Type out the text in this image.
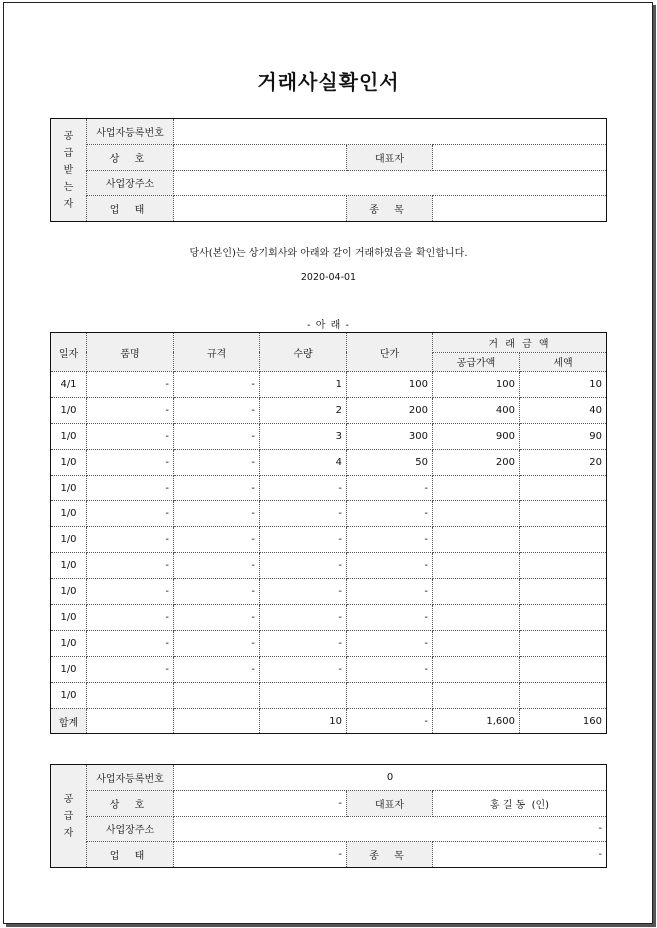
거래사실확인서
공
급
받
는
자	사업자등록번호			
	상 호		대표자	
	사업장주소			
	업 태		종 목	
당사(본인)는 상기회사와 아래와 같이 거래하였음을 확인합니다.
2020-04-01
- 아 래 -
일자	품명	규격	수량	단가	거 래 금 액	
					공급가액	세액
4/1	-	-	1	100	100	10
1/0	-	-	2	200	400	40
1/0	-	-	3	300	900	90
1/0	-	-	4	50	200	20
1/0	-	-	-	-		
1/0	-	-	-	-		
1/0	-	-	-	-		
1/0	-	-	-	-		
1/0	-	-	-	-		
1/0	-	-	-	-		
1/0	-	-	-	-		
1/0	-	-	-	-		
1/0						
합계			10	-	1,600	160
공
급
자	사업자등록번호	0		
	상 호	-	대표자	홍 길 동  (인)
	사업장주소	-		
	업 태	-	종 목	-
